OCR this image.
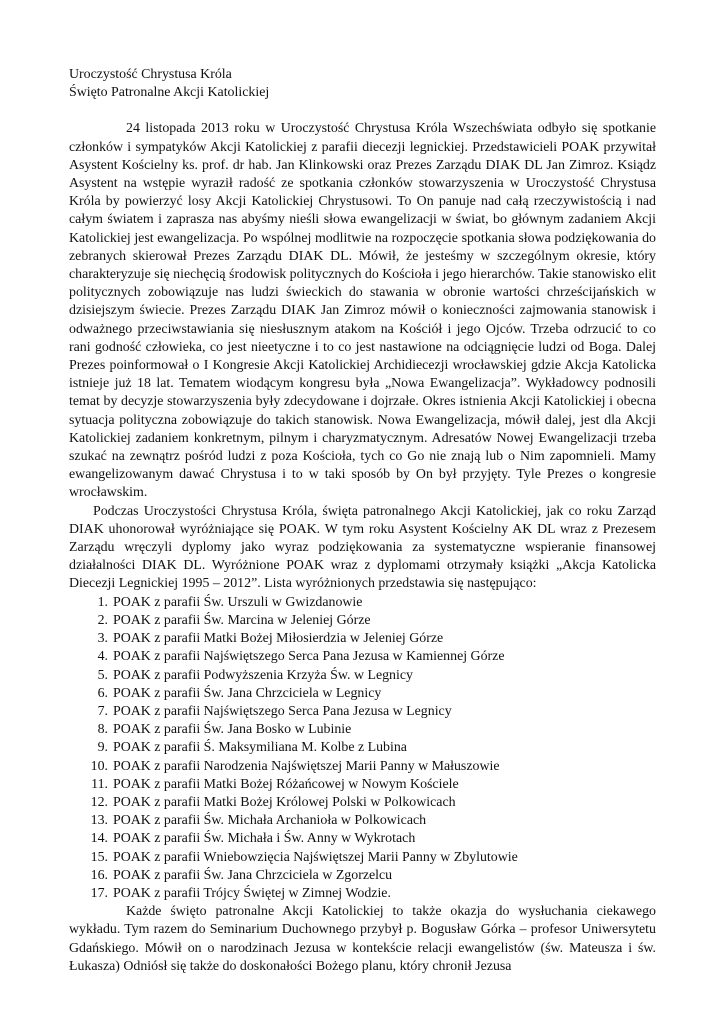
Uroczystość Chrystusa Króla

Święto Patronalne Akcji Katolickiej

24 listopada 2013 roku w Uroczystość Chrystusa Króla Wszechświata odbyło się spotkanie członków i sympatyków Akcji Katolickiej z parafii diecezji legnickiej. Przedstawicieli POAK przywitał Asystent Kościelny ks. prof. dr hab. Jan Klinkowski oraz Prezes Zarządu DIAK DL Jan Zimroz. Ksiądz Asystent na wstępie wyraził radość ze spotkania członków stowarzyszenia w Uroczystość Chrystusa Króla by powierzyć losy Akcji Katolickiej Chrystusowi. To On panuje nad całą rzeczywistością i nad całym światem i zaprasza nas abyśmy nieśli słowa ewangelizacji w świat, bo głównym zadaniem Akcji Katolickiej jest ewangelizacja. Po wspólnej modlitwie na rozpoczęcie spotkania słowa podziękowania do zebranych skierował Prezes Zarządu DIAK DL. Mówił, że jesteśmy w szczególnym okresie, który charakteryzuje się niechęcią środowisk politycznych do Kościoła i jego hierarchów. Takie stanowisko elit politycznych zobowiązuje nas ludzi świeckich do stawania w obronie wartości chrześcijańskich w dzisiejszym świecie. Prezes Zarządu DIAK Jan Zimroz mówił o konieczności zajmowania stanowisk i odważnego przeciwstawiania się niesłusznym atakom na Kościół i jego Ojców. Trzeba odrzucić to co rani godność człowieka, co jest nieetyczne i to co jest nastawione na odciągnięcie ludzi od Boga. Dalej Prezes poinformował o I Kongresie Akcji Katolickiej Archidiecezji wrocławskiej gdzie Akcja Katolicka istnieje już 18 lat. Tematem wiodącym kongresu była „Nowa Ewangelizacja”. Wykładowcy podnosili temat by decyzje stowarzyszenia były zdecydowane i dojrzałe. Okres istnienia Akcji Katolickiej i obecna sytuacja polityczna zobowiązuje do takich stanowisk. Nowa Ewangelizacja, mówił dalej, jest dla Akcji Katolickiej zadaniem konkretnym, pilnym i charyzmatycznym. Adresatów Nowej Ewangelizacji trzeba szukać na zewnątrz pośród ludzi z poza Kościoła, tych co Go nie znają lub o Nim zapomnieli. Mamy ewangelizowanym dawać Chrystusa i to w taki sposób by On był przyjęty. Tyle Prezes o kongresie wrocławskim.

Podczas Uroczystości Chrystusa Króla, święta patronalnego Akcji Katolickiej, jak co roku Zarząd DIAK uhonorował wyróżniające się POAK. W tym roku Asystent Kościelny AK DL wraz z Prezesem Zarządu wręczyli dyplomy jako wyraz podziękowania za systematyczne wspieranie finansowej działalności DIAK DL. Wyróżnione POAK wraz z dyplomami otrzymały książki „Akcja Katolicka Diecezji Legnickiej 1995 – 2012”. Lista wyróżnionych przedstawia się następująco:

1. POAK z parafii Św. Urszuli w Gwizdanowie
2. POAK z parafii Św. Marcina w Jeleniej Górze
3. POAK z parafii Matki Bożej Miłosierdzia w Jeleniej Górze
4. POAK z parafii Najświętszego Serca Pana Jezusa w Kamiennej Górze
5. POAK z parafii Podwyższenia Krzyża Św. w Legnicy
6. POAK z parafii Św. Jana Chrzciciela w Legnicy
7. POAK z parafii Najświętszego Serca Pana Jezusa w Legnicy
8. POAK z parafii Św. Jana Bosko w Lubinie
9. POAK z parafii Ś. Maksymiliana M. Kolbe z Lubina
10. POAK z parafii Narodzenia Najświętszej Marii Panny w Małuszowie
11. POAK z parafii Matki Bożej Różańcowej w Nowym Kościele
12. POAK z parafii Matki Bożej Królowej Polski w Polkowicach
13. POAK z parafii Św. Michała Archanioła w Polkowicach
14. POAK z parafii Św. Michała i Św. Anny w Wykrotach
15. POAK z parafii Wniebowzięcia Najświętszej Marii Panny w Zbylutowie
16. POAK z parafii Św. Jana Chrzciciela w Zgorzelcu
17. POAK z parafii Trójcy Świętej w Zimnej Wodzie.

Każde święto patronalne Akcji Katolickiej to także okazja do wysłuchania ciekawego wykładu. Tym razem do Seminarium Duchownego przybył p. Bogusław Górka – profesor Uniwersytetu Gdańskiego. Mówił on o narodzinach Jezusa w kontekście relacji ewangelistów (św. Mateusza i św. Łukasza) Odniósł się także do doskonałości Bożego planu, który chronił Jezusa
